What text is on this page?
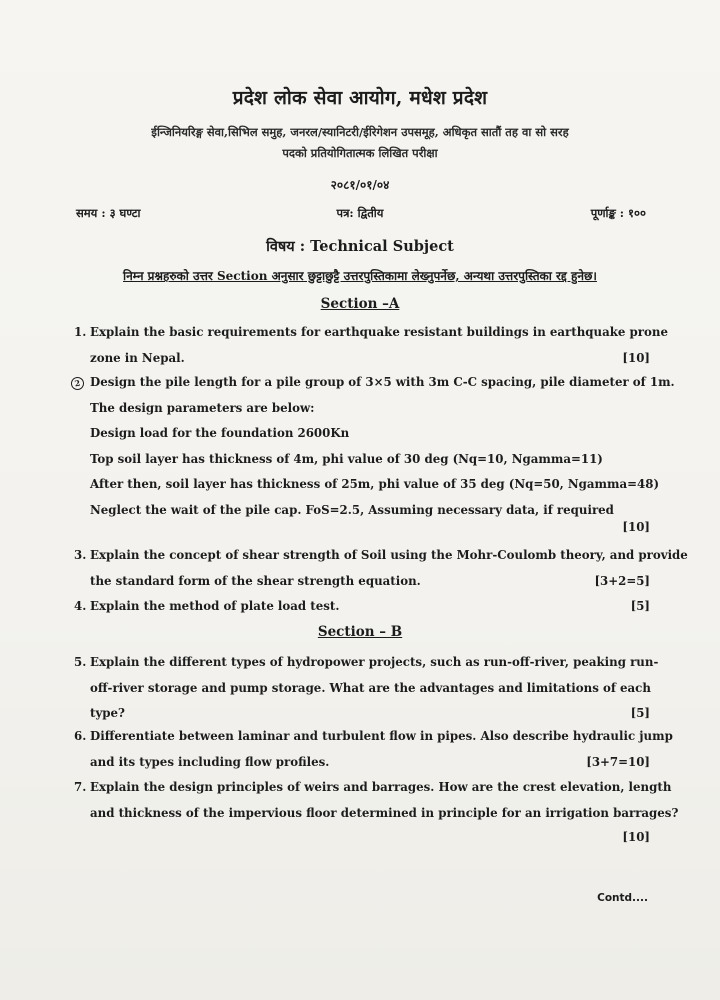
प्रदेश लोक सेवा आयोग, मधेश प्रदेश
ईन्जिनियरिङ्ग सेवा,सिभिल समुह, जनरल/स्यानिटरी/ईरिगेशन उपसमूह, अधिकृत सातौं तह वा सो सरह
पदको प्रतियोगितात्मक लिखित परीक्षा
२०८१/०१/०४
समय : ३ घण्टा	पत्र: द्वितीय	पूर्णाङ्क : १००
विषय : Technical Subject
निम्न प्रश्नहरुको उत्तर Section अनुसार छुट्टाछुट्टै उत्तरपुस्तिकामा लेख्नुपर्नेछ, अन्यथा उत्तरपुस्तिका रद्द हुनेछ।
Section –A
1. Explain the basic requirements for earthquake resistant buildings in earthquake prone
zone in Nepal.	[10]
2 Design the pile length for a pile group of 3×5 with 3m C-C spacing, pile diameter of 1m.
The design parameters are below:
Design load for the foundation 2600Kn
Top soil layer has thickness of 4m, phi value of 30 deg (Nq=10, Ngamma=11)
After then, soil layer has thickness of 25m, phi value of 35 deg (Nq=50, Ngamma=48)
Neglect the wait of the pile cap. FoS=2.5, Assuming necessary data, if required
[10]
3. Explain the concept of shear strength of Soil using the Mohr-Coulomb theory, and provide
the standard form of the shear strength equation.	[3+2=5]
4. Explain the method of plate load test.	[5]
Section – B
5. Explain the different types of hydropower projects, such as run-off-river, peaking run-
off-river storage and pump storage. What are the advantages and limitations of each
type?	[5]
6. Differentiate between laminar and turbulent flow in pipes. Also describe hydraulic jump
and its types including flow profiles.	[3+7=10]
7. Explain the design principles of weirs and barrages. How are the crest elevation, length
and thickness of the impervious floor determined in principle for an irrigation barrages?
[10]
Contd....
